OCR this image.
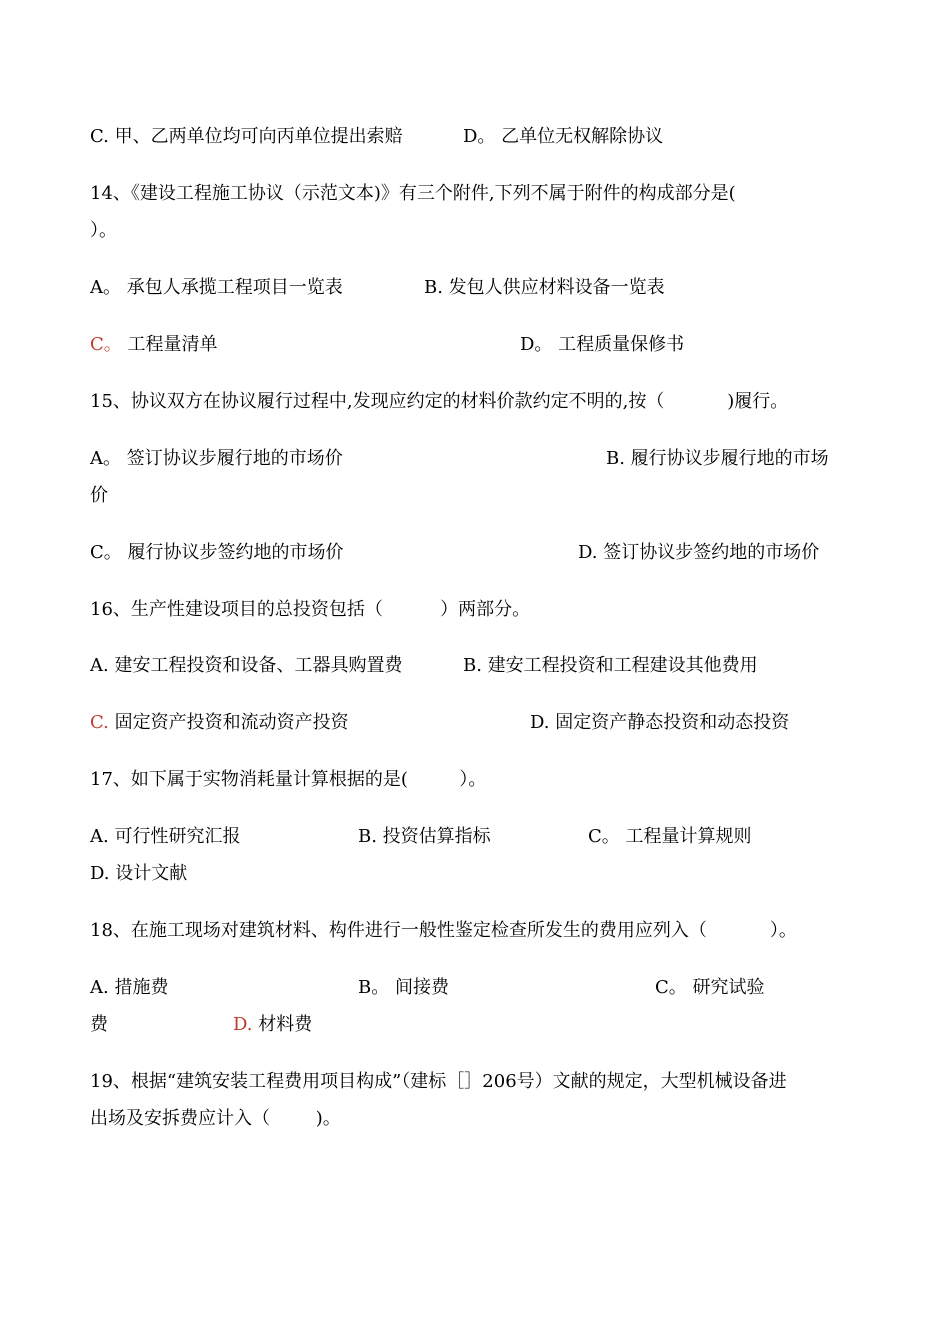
C. 甲、乙两单位均可向丙单位提出索赔	D。 乙单位无权解除协议
14、《建设工程施工协议（示范文本)》有三个附件,下列不属于附件的构成部分是(
）。
A。 承包人承揽工程项目一览表	B. 发包人供应材料设备一览表
C。 工程量清单	D。 工程质量保修书
15、协议双方在协议履行过程中,发现应约定的材料价款约定不明的,按（           )履行。
A。 签订协议步履行地的市场价	B. 履行协议步履行地的市场
价
C。 履行协议步签约地的市场价	D. 签订协议步签约地的市场价
16、生产性建设项目的总投资包括（          ）两部分。
A. 建安工程投资和设备、工器具购置费	B. 建安工程投资和工程建设其他费用
C. 固定资产投资和流动资产投资	D. 固定资产静态投资和动态投资
17、如下属于实物消耗量计算根据的是(         ）。
A. 可行性研究汇报	B. 投资估算指标	C。 工程量计算规则
D. 设计文献
18、在施工现场对建筑材料、构件进行一般性鉴定检查所发生的费用应列入（           ）。
A. 措施费	B。 间接费	C。 研究试验
费	D. 材料费
19、根据“建筑安装工程费用项目构成”（建标［］206号）文献的规定，大型机械设备进
出场及安拆费应计入（        )。
